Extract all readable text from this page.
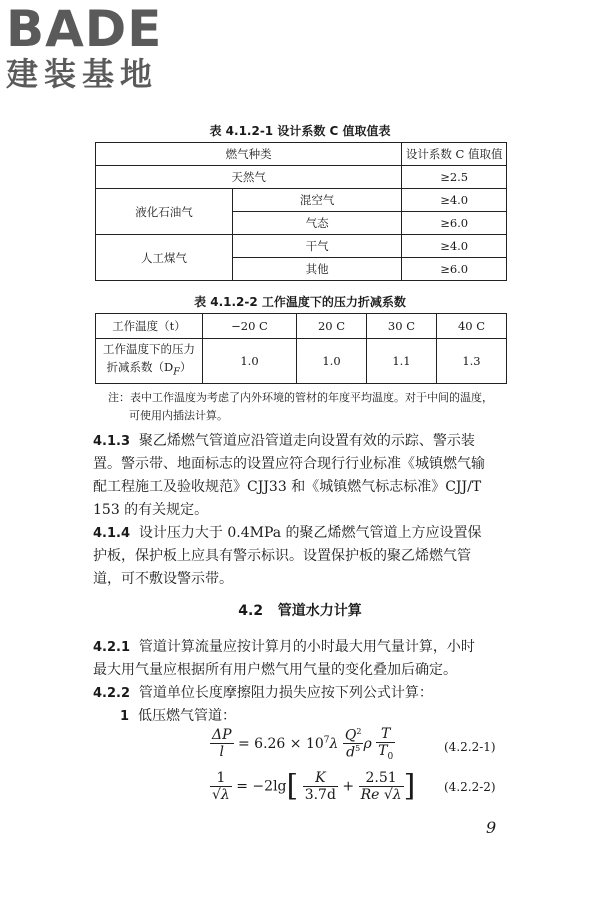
BADE
建装基地
表 4.1.2-1 设计系数 C 值取值表
燃气种类		设计系数 C 值取值
天然气		≥2.5
液化石油气	混空气	≥4.0
	气态	≥6.0
人工煤气	干气	≥4.0
	其他	≥6.0
表 4.1.2-2 工作温度下的压力折减系数
工作温度（t）	−20 C	20 C	30 C	40 C
工作温度下的压力
折减系数$(D_F)$	1.0	1.0	1.1	1.3
注：表中工作温度为考虑了内外环境的管材的年度平均温度。对于中间的温度，
可使用内插法计算。
4.1.3 聚乙烯燃气管道应沿管道走向设置有效的示踪、警示装
置。警示带、地面标志的设置应符合现行行业标准《城镇燃气输
配工程施工及验收规范》CJJ33 和《城镇燃气标志标准》CJJ/T
153 的有关规定。
4.1.4 设计压力大于 0.4MPa 的聚乙烯燃气管道上方应设置保
护板，保护板上应具有警示标识。设置保护板的聚乙烯燃气管
道，可不敷设警示带。
4.2 管道水力计算
4.2.1 管道计算流量应按计算月的小时最大用气量计算，小时
最大用气量应根据所有用户燃气用气量的变化叠加后确定。
4.2.2 管道单位长度摩擦阻力损失应按下列公式计算：
1 低压燃气管道：
$\frac{\Delta P}{l} = 6.26 \times 10^7\lambda \frac{Q^2}{d^5}$ ρ $\frac{T}{T_0}$	(4.2.2-1)
$\frac{1}{√\lambda} = -2\lg[ \frac{K}{3.7d} + \frac{2.51}{Re √\lambda}$ ] (4.2.2-2)
9
